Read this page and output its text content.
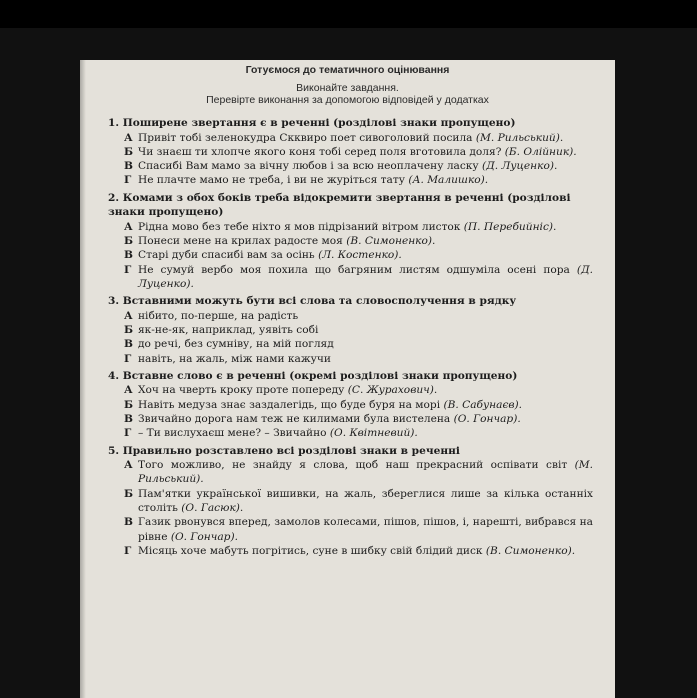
Готуємося до тематичного оцінювання
Виконайте завдання.
Перевірте виконання за допомогою відповідей у додатках
1. Поширене звертання є в реченні (розділові знаки пропущено)
А Привіт тобі зеленокудра Скквиро поет сивоголовий посила (М. Рильський).
Б Чи знаєш ти хлопче якого коня тобі серед поля вготовила доля? (Б. Олійник).
В Спасибі Вам мамо за вічну любов і за всю неоплачену ласку (Д. Луценко).
Г Не плачте мамо не треба, і ви не журіться тату (А. Малишко).
2. Комами з обох боків треба відокремити звертання в реченні (розділові знаки пропущено)
А Рідна мово без тебе ніхто я мов підрізаний вітром листок (П. Перебийніс).
Б Понеси мене на крилах радосте моя (В. Симоненко).
В Старі дуби спасибі вам за осінь (Л. Костенко).
Г Не сумуй вербо моя похила що багряним листям одшуміла осені пора (Д. Луценко).
3. Вставними можуть бути всі слова та словосполучення в рядку
А нібито, по-перше, на радість
Б як-не-як, наприклад, уявіть собі
В до речі, без сумніву, на мій погляд
Г навіть, на жаль, між нами кажучи
4. Вставне слово є в реченні (окремі розділові знаки пропущено)
А Хоч на чверть кроку проте попереду (С. Журахович).
Б Навіть медуза знає заздалегідь, що буде буря на морі (В. Сабунаєв).
В Звичайно дорога нам теж не килимами була вистелена (О. Гончар).
Г – Ти вислухаєш мене? – Звичайно (О. Квітневий).
5. Правильно розставлено всі розділові знаки в реченні
А Того можливо, не знайду я слова, щоб наш прекрасний оспівати світ (М. Рильський).
Б Пам'ятки української вишивки, на жаль, збереглися лише за кілька останніх століть (О. Гасюк).
В Газик рвонувся вперед, замолов колесами, пішов, пішов, і, нарешті, вибрався на рівне (О. Гончар).
Г Місяць хоче мабуть погрітись, суне в шибку свій блідий диск (В. Симоненко).
